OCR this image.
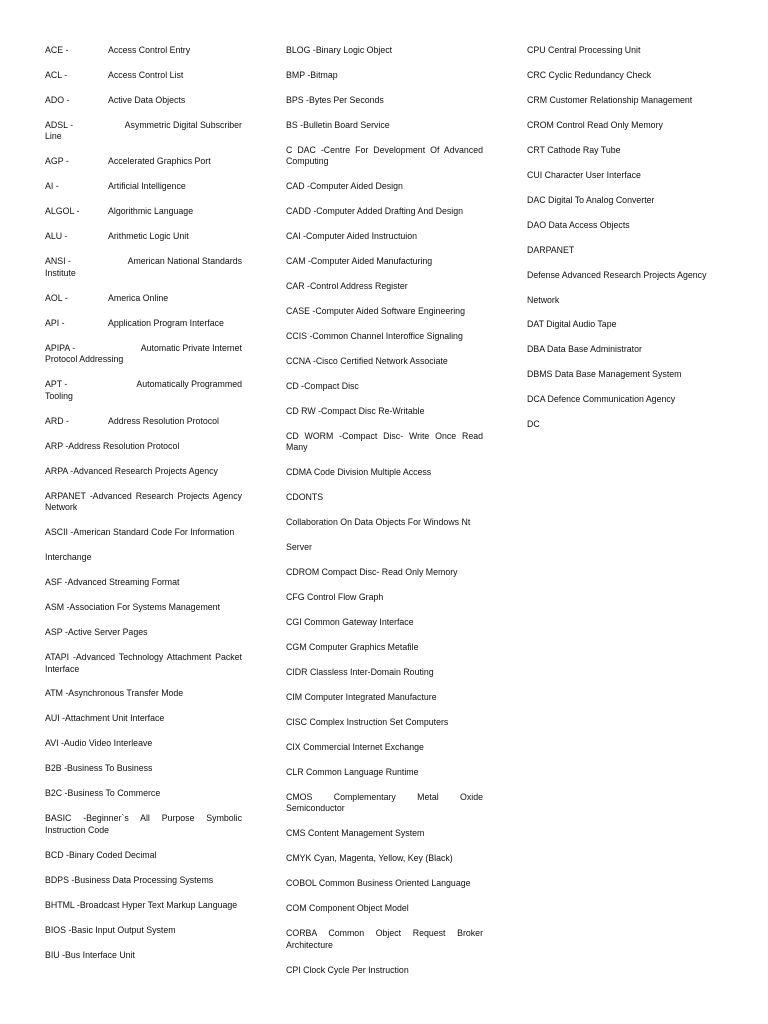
ACE -	Access Control Entry
ACL -	Access Control List
ADO -	Active Data Objects
ADSL -	Asymmetric Digital Subscriber
Line
AGP -	Accelerated Graphics Port
AI -	Artificial Intelligence
ALGOL -	Algorithmic Language
ALU -	Arithmetic Logic Unit
ANSI -	American National Standards
Institute
AOL -	America Online
API -	Application Program Interface
APIPA -	Automatic Private Internet
Protocol Addressing
APT -	Automatically Programmed
Tooling
ARD -	Address Resolution Protocol
ARP -Address Resolution Protocol
ARPA -Advanced Research Projects Agency
ARPANET -Advanced Research Projects Agency
Network
ASCII -American Standard Code For Information
Interchange
ASF -Advanced Streaming Format
ASM -Association For Systems Management
ASP -Active Server Pages
ATAPI -Advanced Technology Attachment Packet
Interface
ATM -Asynchronous Transfer Mode
AUI -Attachment Unit Interface
AVI -Audio Video Interleave
B2B -Business To Business
B2C -Business To Commerce
BASIC -Beginner`s All Purpose Symbolic
Instruction Code
BCD -Binary Coded Decimal
BDPS -Business Data Processing Systems
BHTML -Broadcast Hyper Text Markup Language
BIOS -Basic Input Output System
BIU -Bus Interface Unit
BLOG -Binary Logic Object
BMP -Bitmap
BPS -Bytes Per Seconds
BS -Bulletin Board Service
C DAC -Centre For Development Of Advanced
Computing
CAD -Computer Aided Design
CADD -Computer Added Drafting And Design
CAI -Computer Aided Instructuion
CAM -Computer Aided Manufacturing
CAR -Control Address Register
CASE -Computer Aided Software Engineering
CCIS -Common Channel Interoffice Signaling
CCNA -Cisco Certified Network Associate
CD -Compact Disc
CD RW -Compact Disc Re-Writable
CD WORM -Compact Disc- Write Once Read
Many
CDMA Code Division Multiple Access
CDONTS
Collaboration On Data Objects For Windows Nt
Server
CDROM Compact Disc- Read Only Memory
CFG Control Flow Graph
CGI Common Gateway Interface
CGM Computer Graphics Metafile
CIDR Classless Inter-Domain Routing
CIM Computer Integrated Manufacture
CISC Complex Instruction Set Computers
CIX Commercial Internet Exchange
CLR Common Language Runtime
CMOS Complementary Metal Oxide
Semiconductor
CMS Content Management System
CMYK Cyan, Magenta, Yellow, Key (Black)
COBOL Common Business Oriented Language
COM Component Object Model
CORBA Common Object Request Broker
Architecture
CPI Clock Cycle Per Instruction
CPU Central Processing Unit
CRC Cyclic Redundancy Check
CRM Customer Relationship Management
CROM Control Read Only Memory
CRT Cathode Ray Tube
CUI Character User Interface
DAC Digital To Analog Converter
DAO Data Access Objects
DARPANET
Defense Advanced Research Projects Agency
Network
DAT Digital Audio Tape
DBA Data Base Administrator
DBMS Data Base Management System
DCA Defence Communication Agency
DC
